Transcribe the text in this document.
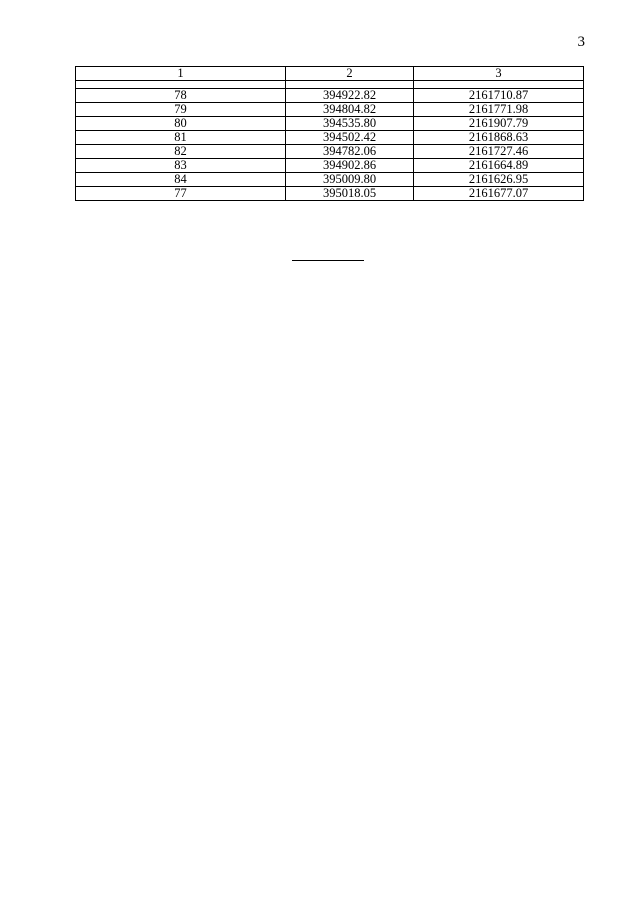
3
1	2	3

78	394922.82	2161710.87
79	394804.82	2161771.98
80	394535.80	2161907.79
81	394502.42	2161868.63
82	394782.06	2161727.46
83	394902.86	2161664.89
84	395009.80	2161626.95
77	395018.05	2161677.07
